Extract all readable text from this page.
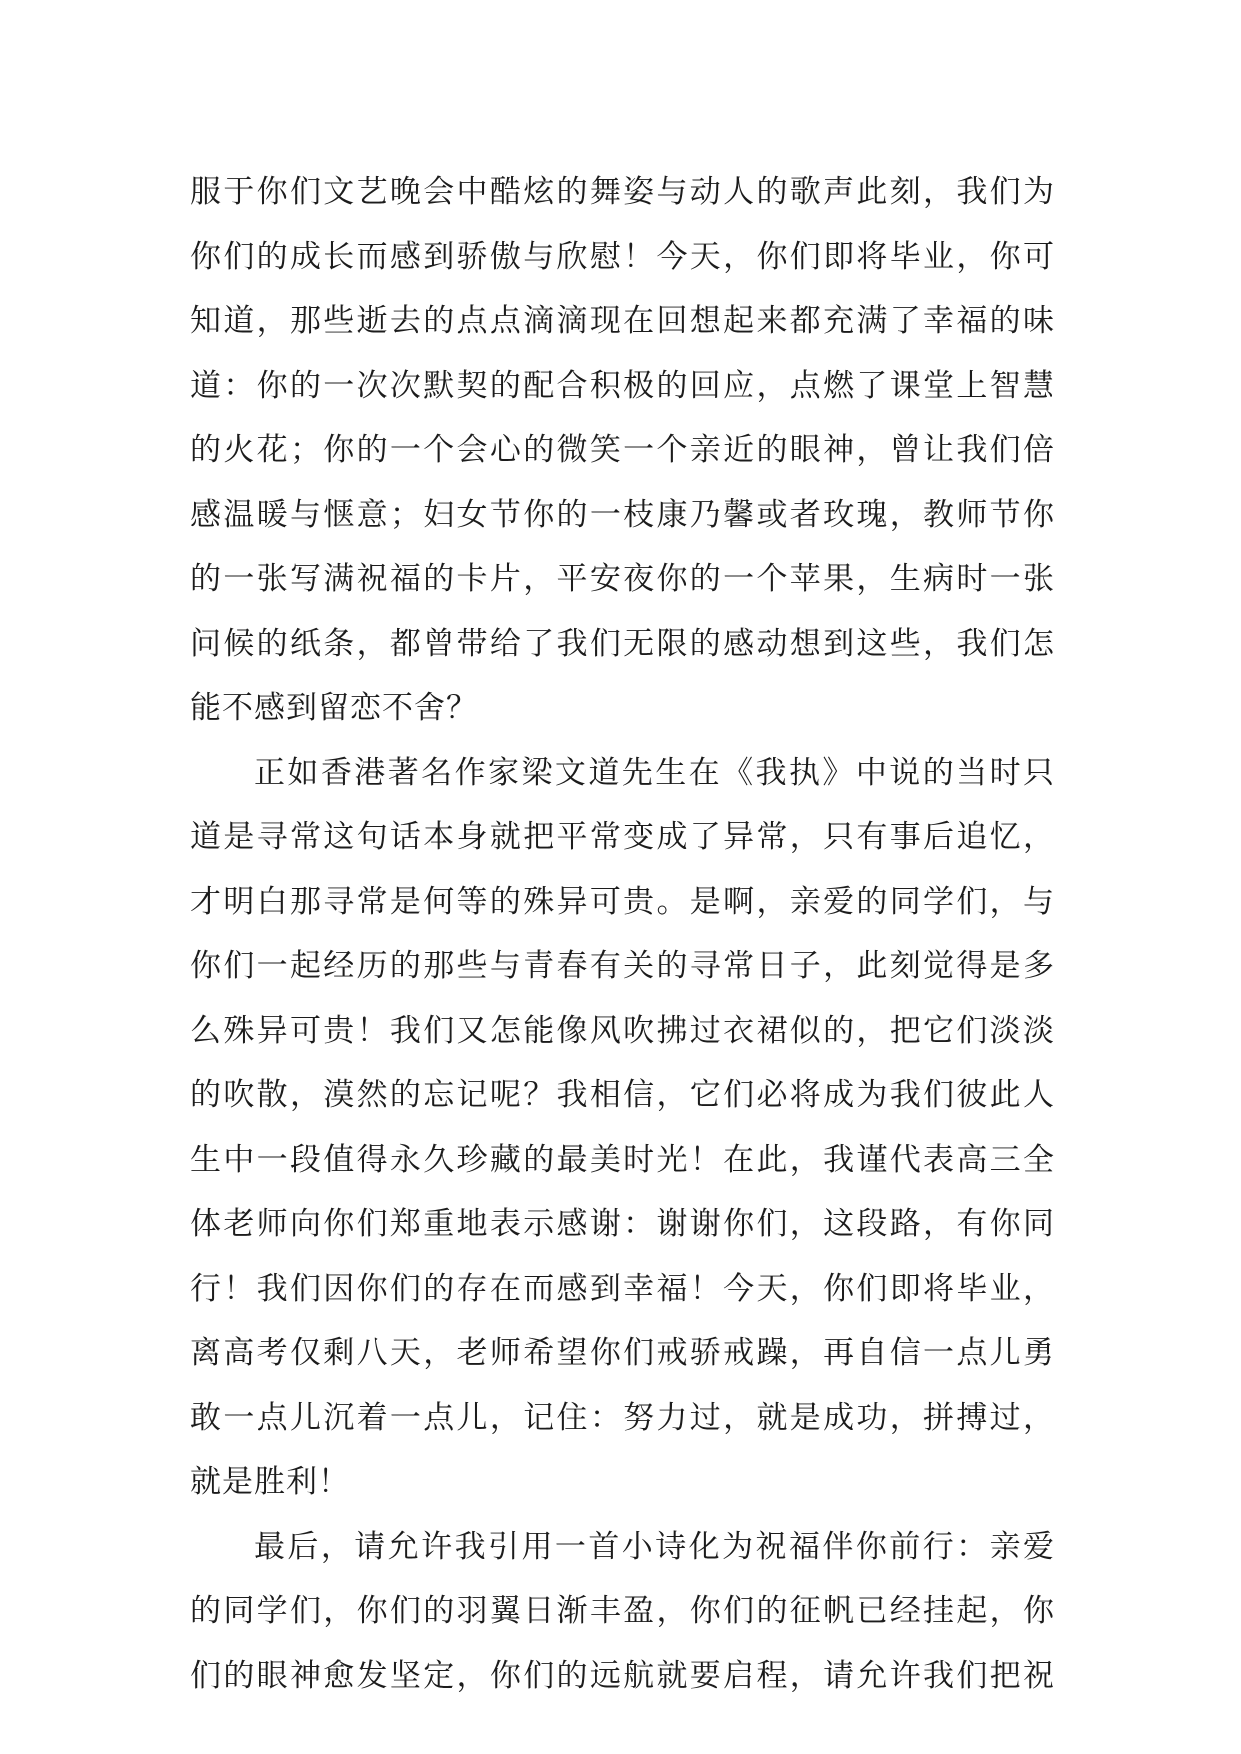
服于你们文艺晚会中酷炫的舞姿与动人的歌声此刻，我们为
你们的成长而感到骄傲与欣慰！今天，你们即将毕业，你可
知道，那些逝去的点点滴滴现在回想起来都充满了幸福的味
道：你的一次次默契的配合积极的回应，点燃了课堂上智慧
的火花；你的一个会心的微笑一个亲近的眼神，曾让我们倍
感温暖与惬意；妇女节你的一枝康乃馨或者玫瑰，教师节你
的一张写满祝福的卡片，平安夜你的一个苹果，生病时一张
问候的纸条，都曾带给了我们无限的感动想到这些，我们怎
能不感到留恋不舍？
正如香港著名作家梁文道先生在《我执》中说的当时只
道是寻常这句话本身就把平常变成了异常，只有事后追忆，
才明白那寻常是何等的殊异可贵。是啊，亲爱的同学们，与
你们一起经历的那些与青春有关的寻常日子，此刻觉得是多
么殊异可贵！我们又怎能像风吹拂过衣裙似的，把它们淡淡
的吹散，漠然的忘记呢？我相信，它们必将成为我们彼此人
生中一段值得永久珍藏的最美时光！在此，我谨代表高三全
体老师向你们郑重地表示感谢：谢谢你们，这段路，有你同
行！我们因你们的存在而感到幸福！今天，你们即将毕业，
离高考仅剩八天，老师希望你们戒骄戒躁，再自信一点儿勇
敢一点儿沉着一点儿，记住：努力过，就是成功，拼搏过，
就是胜利！
最后，请允许我引用一首小诗化为祝福伴你前行：亲爱
的同学们，你们的羽翼日渐丰盈，你们的征帆已经挂起，你
们的眼神愈发坚定，你们的远航就要启程，请允许我们把祝
